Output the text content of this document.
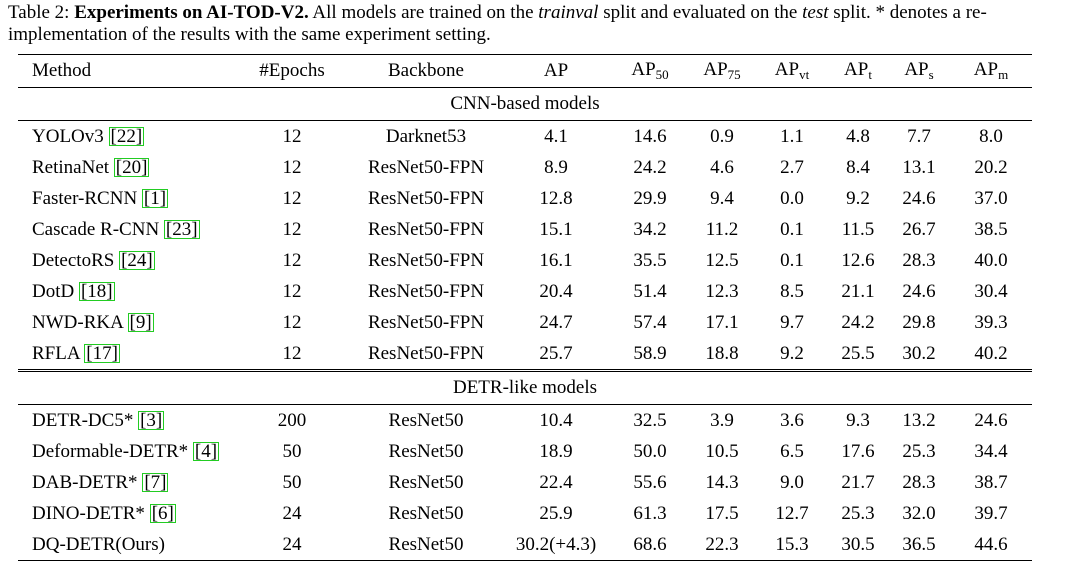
Table 2: Experiments on AI-TOD-V2. All models are trained on the trainval split and evaluated on the test split. * denotes a re-implementation of the results with the same experiment setting.
Method	#Epochs	Backbone	AP	$AP_{50}$	$AP_{75}$	$AP_{vt}$	$AP_t$	$AP_s$	$AP_m$
CNN-based models									
YOLOv3 [22]	12	Darknet53	4.1	14.6	0.9	1.1	4.8	7.7	8.0
RetinaNet [20]	12	ResNet50-FPN	8.9	24.2	4.6	2.7	8.4	13.1	20.2
Faster-RCNN [1]	12	ResNet50-FPN	12.8	29.9	9.4	0.0	9.2	24.6	37.0
Cascade R-CNN [23]	12	ResNet50-FPN	15.1	34.2	11.2	0.1	11.5	26.7	38.5
DetectoRS [24]	12	ResNet50-FPN	16.1	35.5	12.5	0.1	12.6	28.3	40.0
DotD [18]	12	ResNet50-FPN	20.4	51.4	12.3	8.5	21.1	24.6	30.4
NWD-RKA [9]	12	ResNet50-FPN	24.7	57.4	17.1	9.7	24.2	29.8	39.3
RFLA [17]	12	ResNet50-FPN	25.7	58.9	18.8	9.2	25.5	30.2	40.2
DETR-like models									
DETR-DC5* [3]	200	ResNet50	10.4	32.5	3.9	3.6	9.3	13.2	24.6
Deformable-DETR* [4]	50	ResNet50	18.9	50.0	10.5	6.5	17.6	25.3	34.4
DAB-DETR* [7]	50	ResNet50	22.4	55.6	14.3	9.0	21.7	28.3	38.7
DINO-DETR* [6]	24	ResNet50	25.9	61.3	17.5	12.7	25.3	32.0	39.7
DQ-DETR(Ours)	24	ResNet50	30.2(+4.3)	68.6	22.3	15.3	30.5	36.5	44.6
